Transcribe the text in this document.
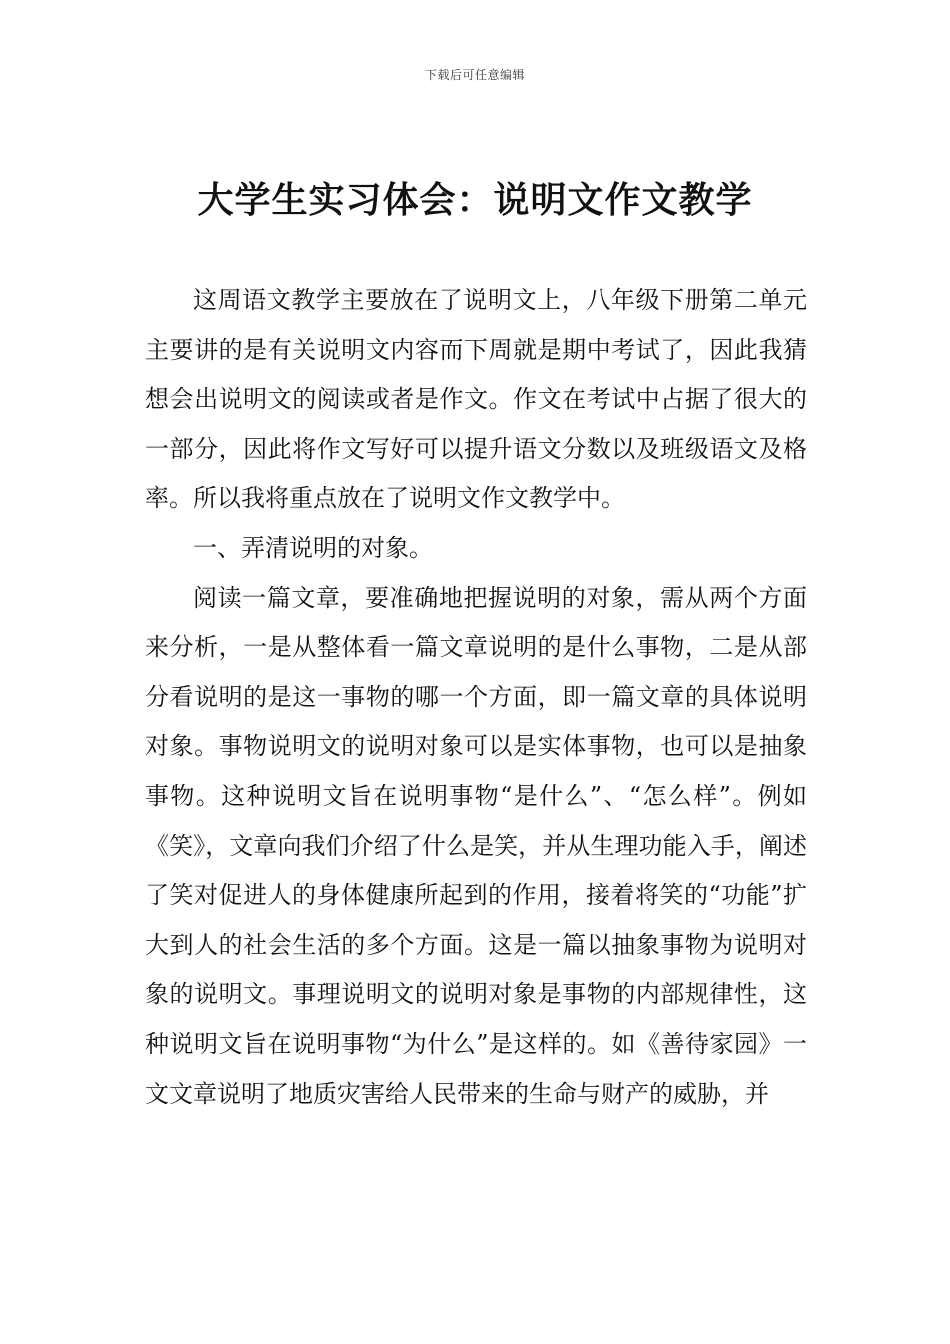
下载后可任意编辑
大学生实习体会：说明文作文教学

这周语文教学主要放在了说明文上，八年级下册第二单元主要讲的是有关说明文内容而下周就是期中考试了，因此我猜想会出说明文的阅读或者是作文。作文在考试中占据了很大的一部分，因此将作文写好可以提升语文分数以及班级语文及格率。所以我将重点放在了说明文作文教学中。

一、弄清说明的对象。

阅读一篇文章，要准确地把握说明的对象，需从两个方面来分析，一是从整体看一篇文章说明的是什么事物，二是从部分看说明的是这一事物的哪一个方面，即一篇文章的具体说明对象。事物说明文的说明对象可以是实体事物，也可以是抽象事物。这种说明文旨在说明事物“是什么”、“怎么样”。例如《笑》，文章向我们介绍了什么是笑，并从生理功能入手，阐述了笑对促进人的身体健康所起到的作用，接着将笑的“功能”扩大到人的社会生活的多个方面。这是一篇以抽象事物为说明对象的说明文。事理说明文的说明对象是事物的内部规律性，这种说明文旨在说明事物“为什么”是这样的。如《善待家园》一文文章说明了地质灾害给人民带来的生命与财产的威胁，并
